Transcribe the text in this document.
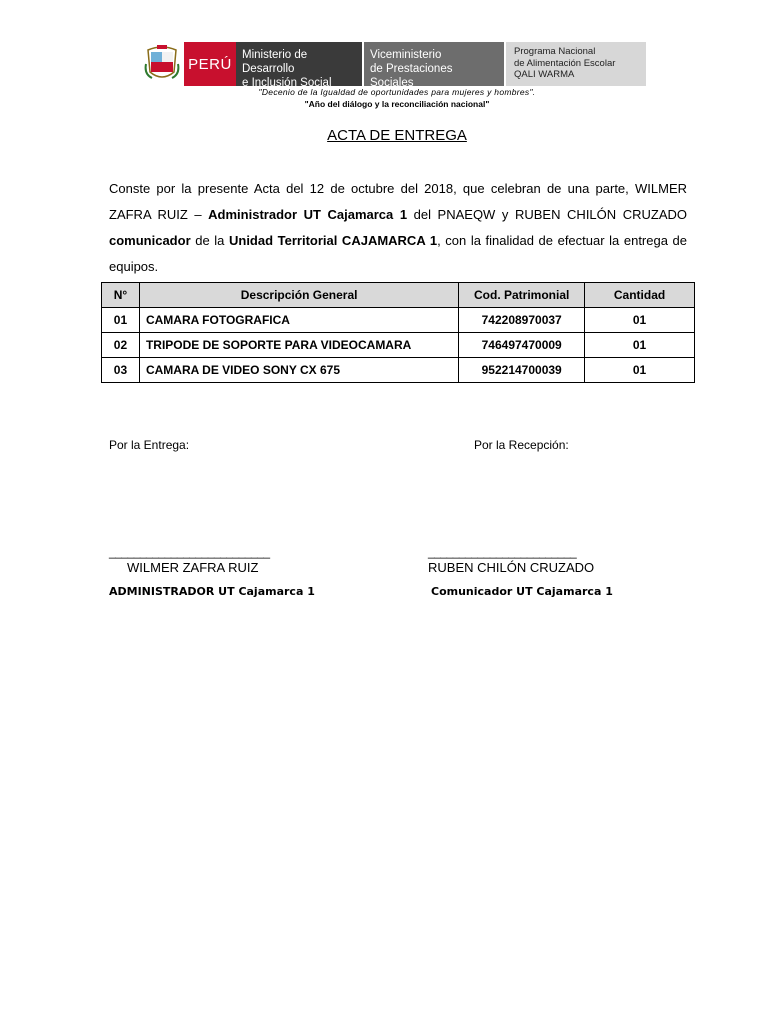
PERÚ
Ministerio de Desarrollo
e Inclusión Social
Viceministerio
de Prestaciones Sociales
Programa Nacional
de Alimentación Escolar
QALI WARMA
"Decenio de la Igualdad de oportunidades para mujeres y hombres".
"Año del diálogo y la reconciliación nacional"
ACTA DE ENTREGA
Conste por la presente Acta del 12 de octubre del 2018, que celebran de una parte, WILMER ZAFRA RUIZ – Administrador UT Cajamarca 1 del PNAEQW y RUBEN CHILÓN CRUZADO comunicador de la Unidad Territorial CAJAMARCA 1, con la finalidad de efectuar la entrega de equipos.
N°	Descripción General	Cod. Patrimonial	Cantidad
01	CAMARA FOTOGRAFICA	742208970037	01
02	TRIPODE DE SOPORTE PARA VIDEOCAMARA	746497470009	01
03	CAMARA DE VIDEO SONY CX 675	952214700039	01
Por la Entrega:	Por la Recepción:
__________________________	________________________
WILMER ZAFRA RUIZ	RUBEN CHILÓN CRUZADO
ADMINISTRADOR UT Cajamarca 1	Comunicador UT Cajamarca 1
